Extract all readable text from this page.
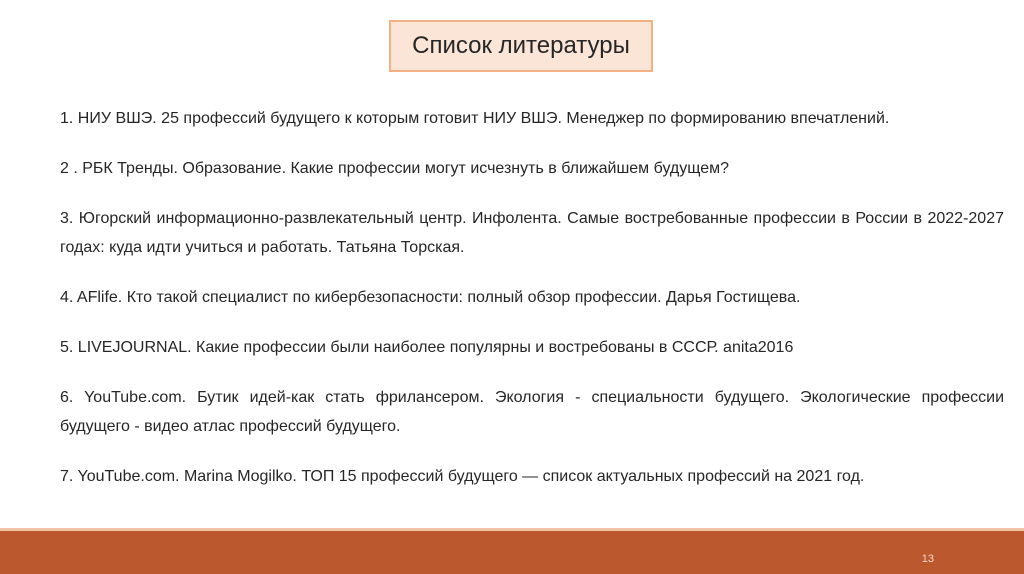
Список литературы

1. НИУ ВШЭ. 25 профессий будущего к которым готовит НИУ ВШЭ. Менеджер по формированию впечатлений.

2 . РБК Тренды. Образование. Какие профессии могут исчезнуть в ближайшем будущем?

3. Югорский информационно-развлекательный центр. Инфолента. Самые востребованные профессии в России в 2022-2027 годах: куда идти учиться и работать. Татьяна Торская.

4. AFlife. Кто такой специалист по кибербезопасности: полный обзор профессии. Дарья Гостищева.

5. LIVEJOURNAL. Какие профессии были наиболее популярны и востребованы в СССР. anita2016

6. YouTube.com. Бутик идей-как стать фрилансером. Экология - специальности будущего. Экологические профессии будущего - видео атлас профессий будущего.

7. YouTube.com. Marina Mogilko. ТОП 15 профессий будущего — список актуальных профессий на 2021 год.

13
